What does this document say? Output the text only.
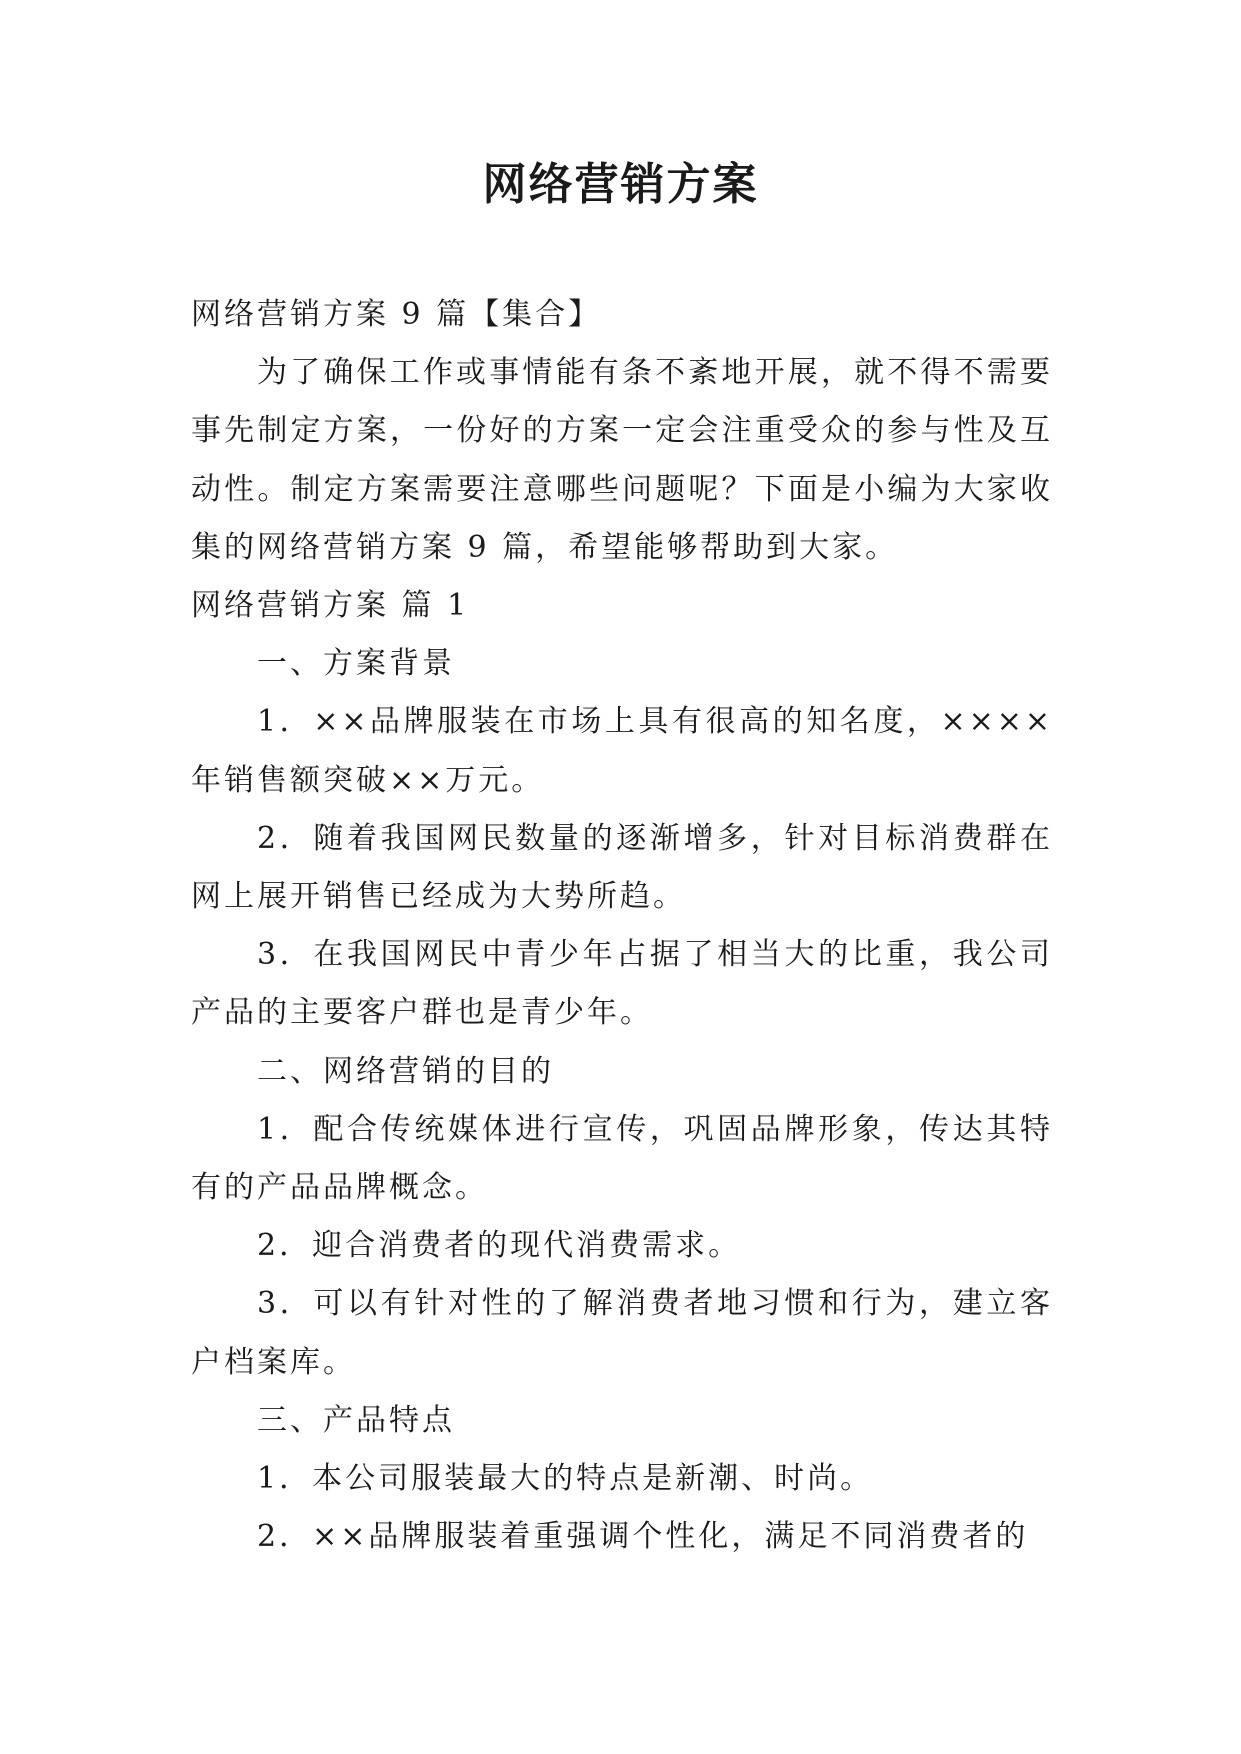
网络营销方案

网络营销方案 9 篇【集合】

为了确保工作或事情能有条不紊地开展，就不得不需要事先制定方案，一份好的方案一定会注重受众的参与性及互动性。制定方案需要注意哪些问题呢？下面是小编为大家收集的网络营销方案 9 篇，希望能够帮助到大家。

网络营销方案 篇 1

一、方案背景

1．××品牌服装在市场上具有很高的知名度，××××年销售额突破××万元。

2．随着我国网民数量的逐渐增多，针对目标消费群在网上展开销售已经成为大势所趋。

3．在我国网民中青少年占据了相当大的比重，我公司产品的主要客户群也是青少年。

二、网络营销的目的

1．配合传统媒体进行宣传，巩固品牌形象，传达其特有的产品品牌概念。

2．迎合消费者的现代消费需求。

3．可以有针对性的了解消费者地习惯和行为，建立客户档案库。

三、产品特点

1．本公司服装最大的特点是新潮、时尚。

2．××品牌服装着重强调个性化，满足不同消费者的
